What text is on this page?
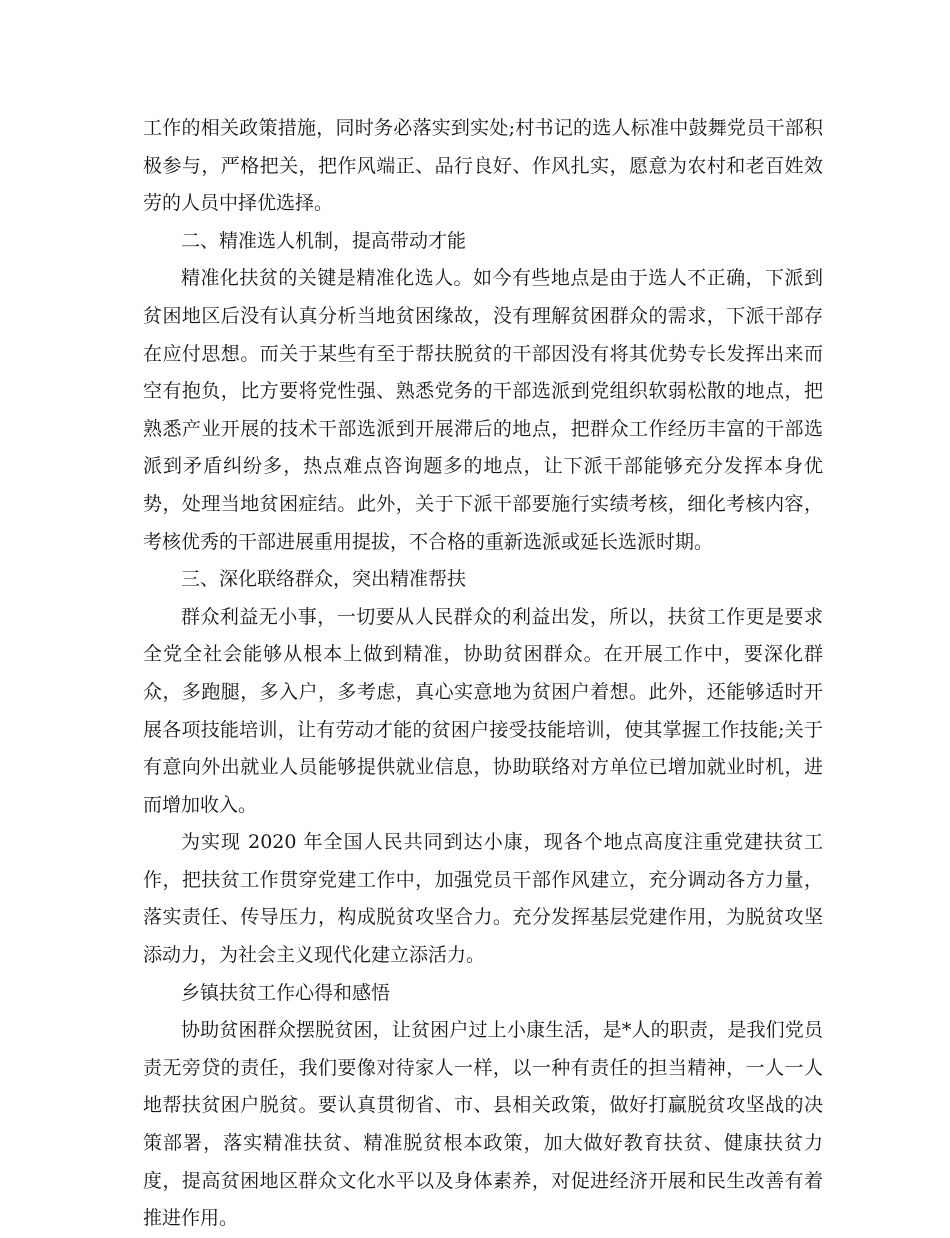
工作的相关政策措施，同时务必落实到实处;村书记的选人标准中鼓舞党员干部积极参与，严格把关，把作风端正、品行良好、作风扎实，愿意为农村和老百姓效劳的人员中择优选择。

二、精准选人机制，提高带动才能

精准化扶贫的关键是精准化选人。如今有些地点是由于选人不正确，下派到贫困地区后没有认真分析当地贫困缘故，没有理解贫困群众的需求，下派干部存在应付思想。而关于某些有至于帮扶脱贫的干部因没有将其优势专长发挥出来而空有抱负，比方要将党性强、熟悉党务的干部选派到党组织软弱松散的地点，把熟悉产业开展的技术干部选派到开展滞后的地点，把群众工作经历丰富的干部选派到矛盾纠纷多，热点难点咨询题多的地点，让下派干部能够充分发挥本身优势，处理当地贫困症结。此外，关于下派干部要施行实绩考核，细化考核内容，考核优秀的干部进展重用提拔，不合格的重新选派或延长选派时期。

三、深化联络群众，突出精准帮扶

群众利益无小事，一切要从人民群众的利益出发，所以，扶贫工作更是要求全党全社会能够从根本上做到精准，协助贫困群众。在开展工作中，要深化群众，多跑腿，多入户，多考虑，真心实意地为贫困户着想。此外，还能够适时开展各项技能培训，让有劳动才能的贫困户接受技能培训，使其掌握工作技能;关于有意向外出就业人员能够提供就业信息，协助联络对方单位已增加就业时机，进而增加收入。

为实现 2020 年全国人民共同到达小康，现各个地点高度注重党建扶贫工作，把扶贫工作贯穿党建工作中，加强党员干部作风建立，充分调动各方力量，落实责任、传导压力，构成脱贫攻坚合力。充分发挥基层党建作用，为脱贫攻坚添动力，为社会主义现代化建立添活力。

乡镇扶贫工作心得和感悟

协助贫困群众摆脱贫困，让贫困户过上小康生活，是*人的职责，是我们党员责无旁贷的责任，我们要像对待家人一样，以一种有责任的担当精神，一人一人地帮扶贫困户脱贫。要认真贯彻省、市、县相关政策，做好打赢脱贫攻坚战的决策部署，落实精准扶贫、精准脱贫根本政策，加大做好教育扶贫、健康扶贫力度，提高贫困地区群众文化水平以及身体素养，对促进经济开展和民生改善有着推进作用。
